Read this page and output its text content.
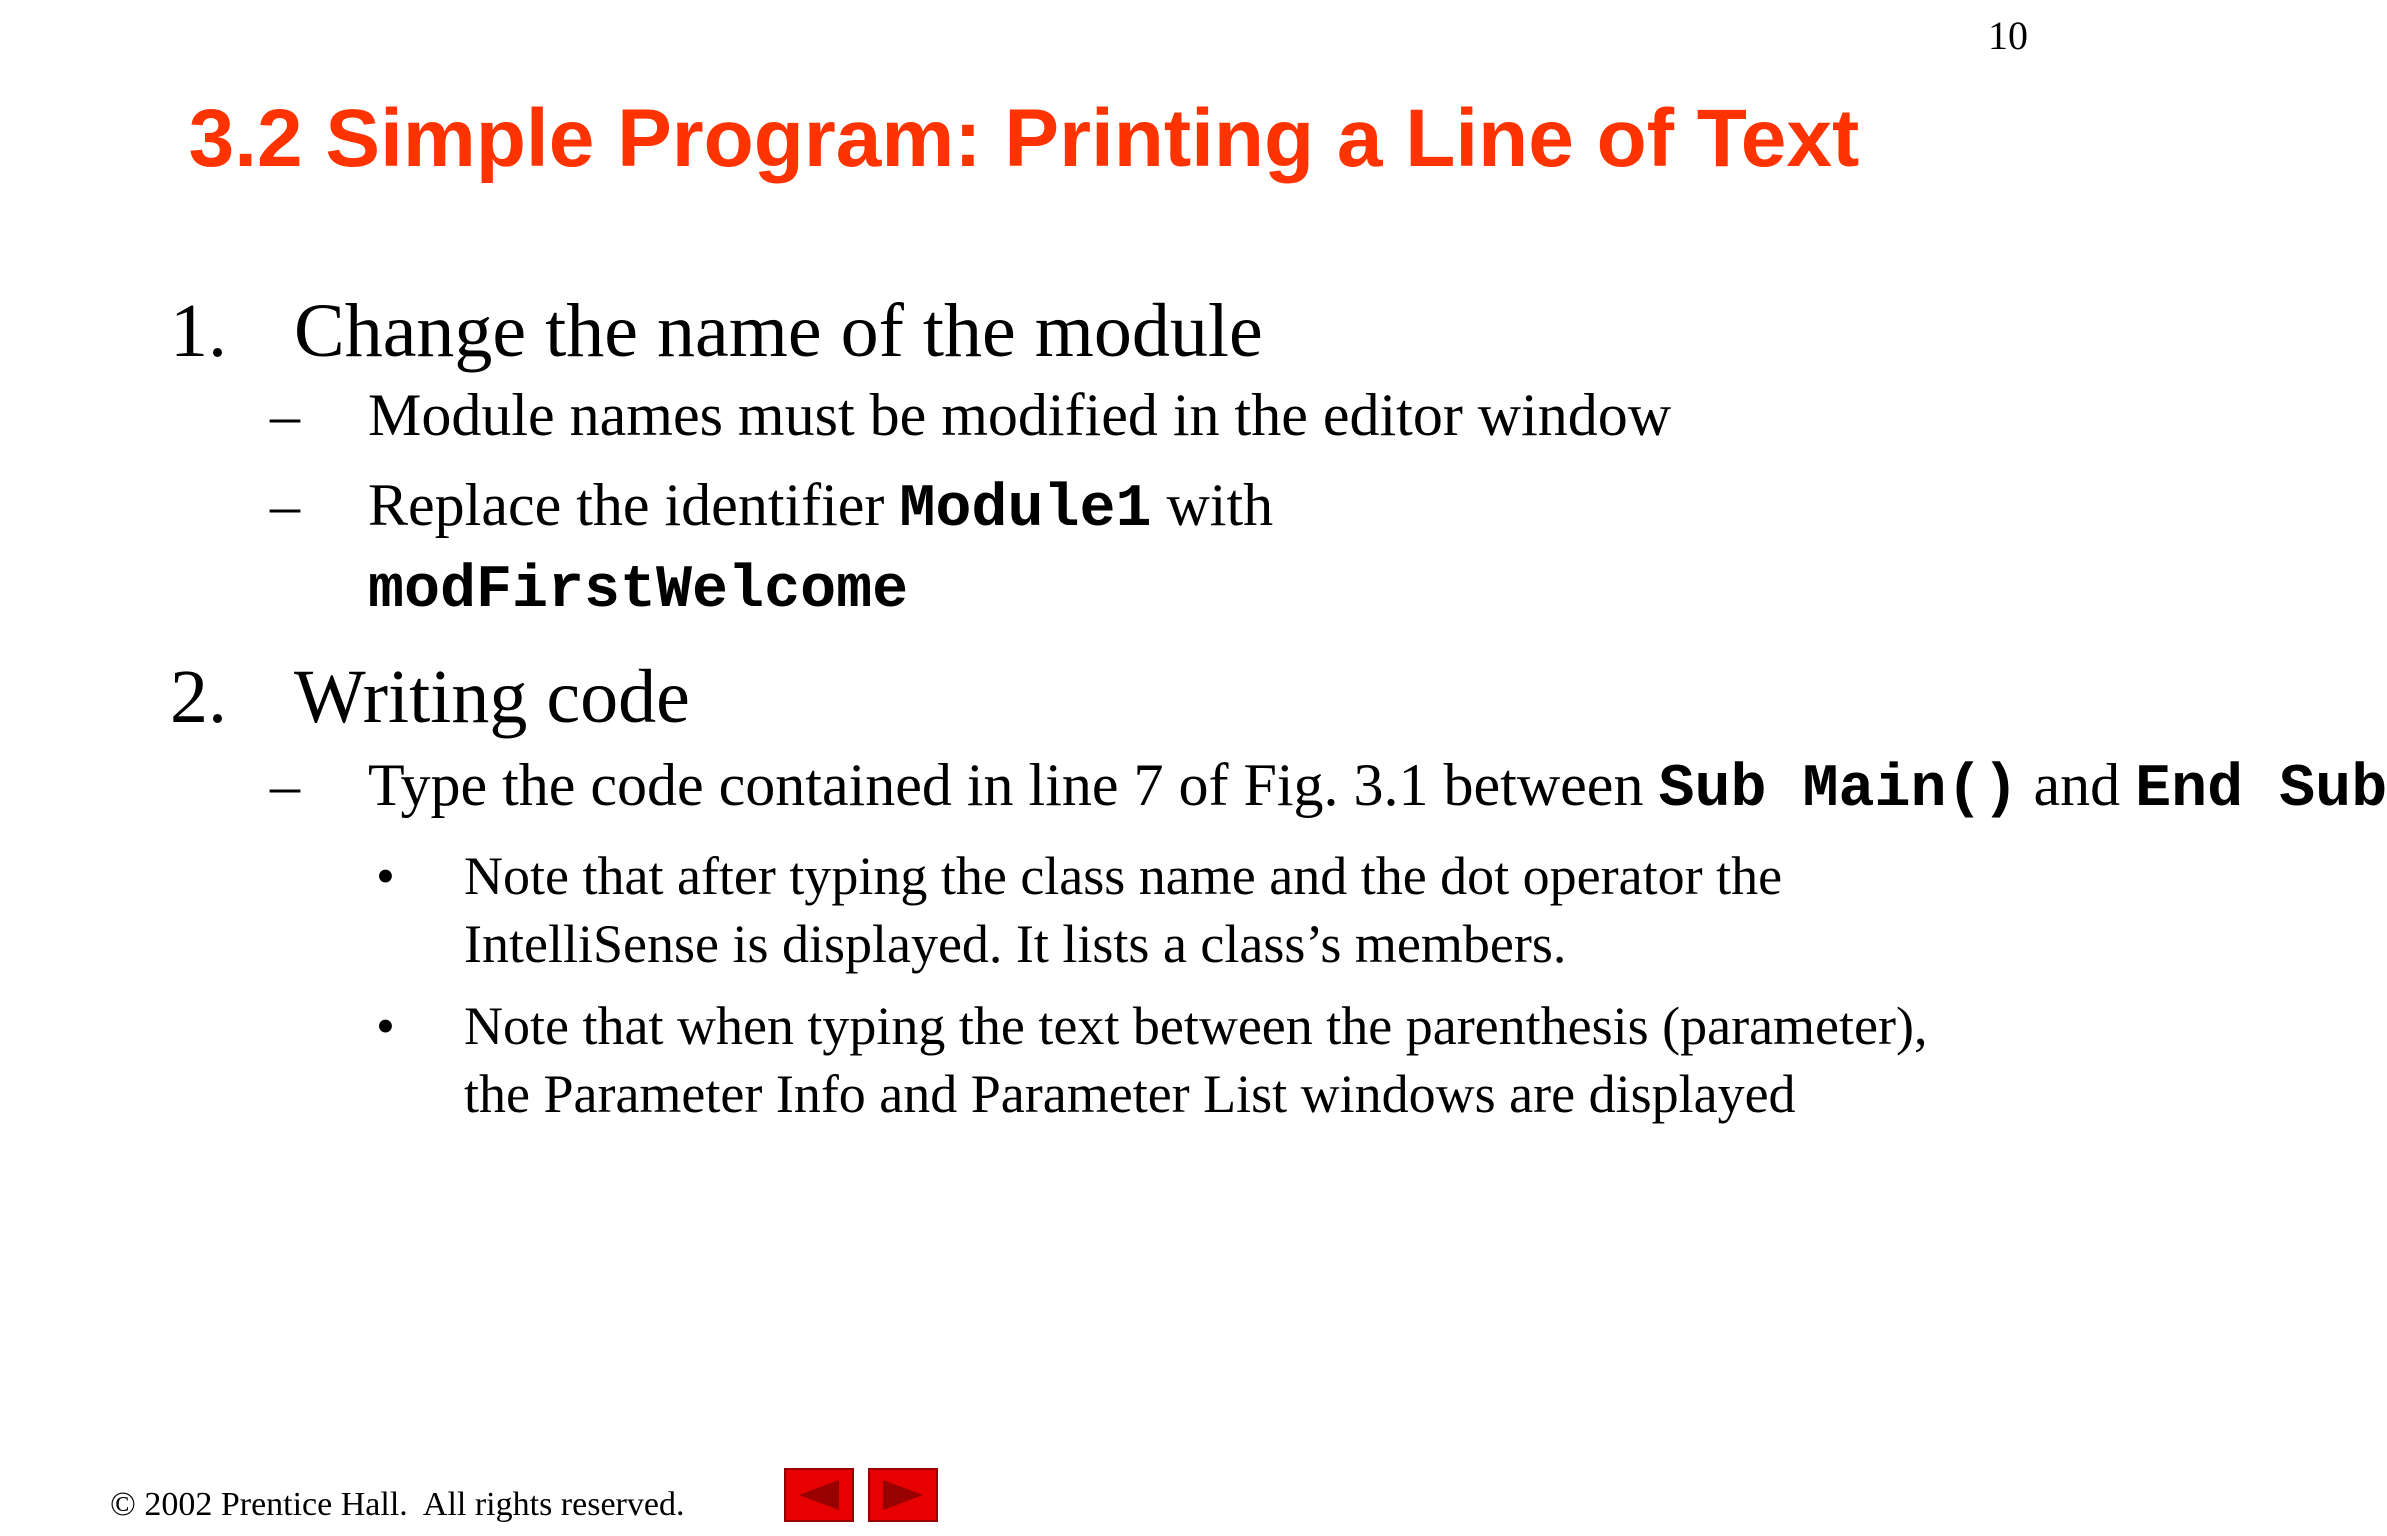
10
3.2 Simple Program: Printing a Line of Text
1. Change the name of the module
–	Module names must be modified in the editor window
–	Replace the identifier Module1 with
modFirstWelcome
2. Writing code
–	Type the code contained in line 7 of Fig. 3.1 between Sub Main() and End Sub
•	Note that after typing the class name and the dot operator the IntelliSense is displayed. It lists a class’s members.
•	Note that when typing the text between the parenthesis (parameter), the Parameter Info and Parameter List windows are displayed
© 2002 Prentice Hall.  All rights reserved.
